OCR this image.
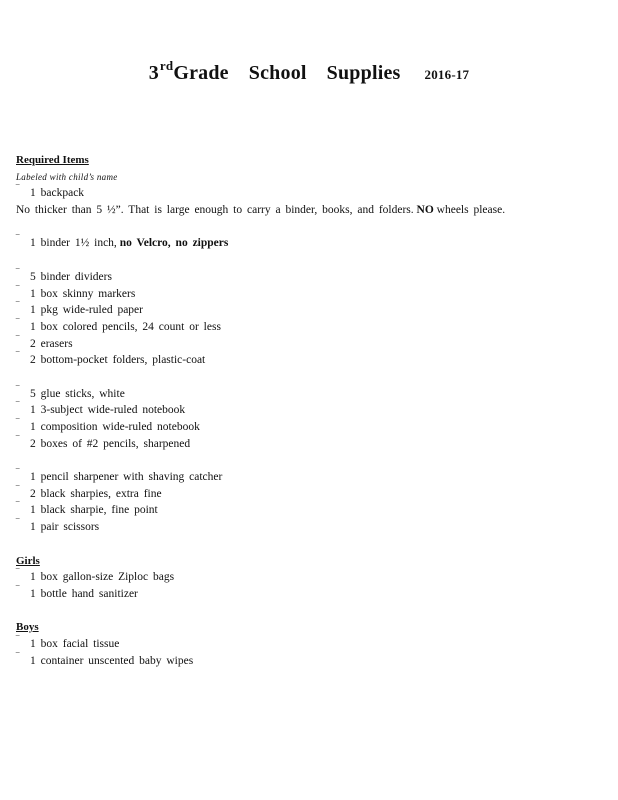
3rdGrade School Supplies 2016-17
Required Items
Labeled with child’s name
‾ 1 backpack
No thicker than 5 ½”. That is large enough to carry a binder, books, and folders. NO wheels please.
‾ 1 binder 1½ inch, no Velcro, no zippers
‾ 5 binder dividers
‾ 1 box skinny markers
‾ 1 pkg wide-ruled paper
‾ 1 box colored pencils, 24 count or less
‾ 2 erasers
‾ 2 bottom-pocket folders, plastic-coat
‾ 5 glue sticks, white
‾ 1 3-subject wide-ruled notebook
‾ 1 composition wide-ruled notebook
‾ 2 boxes of #2 pencils, sharpened
‾ 1 pencil sharpener with shaving catcher
‾ 2 black sharpies, extra fine
‾ 1 black sharpie, fine point
‾ 1 pair scissors
Girls
‾ 1 box gallon-size Ziploc bags
‾ 1 bottle hand sanitizer
Boys
‾ 1 box facial tissue
‾ 1 container unscented baby wipes
